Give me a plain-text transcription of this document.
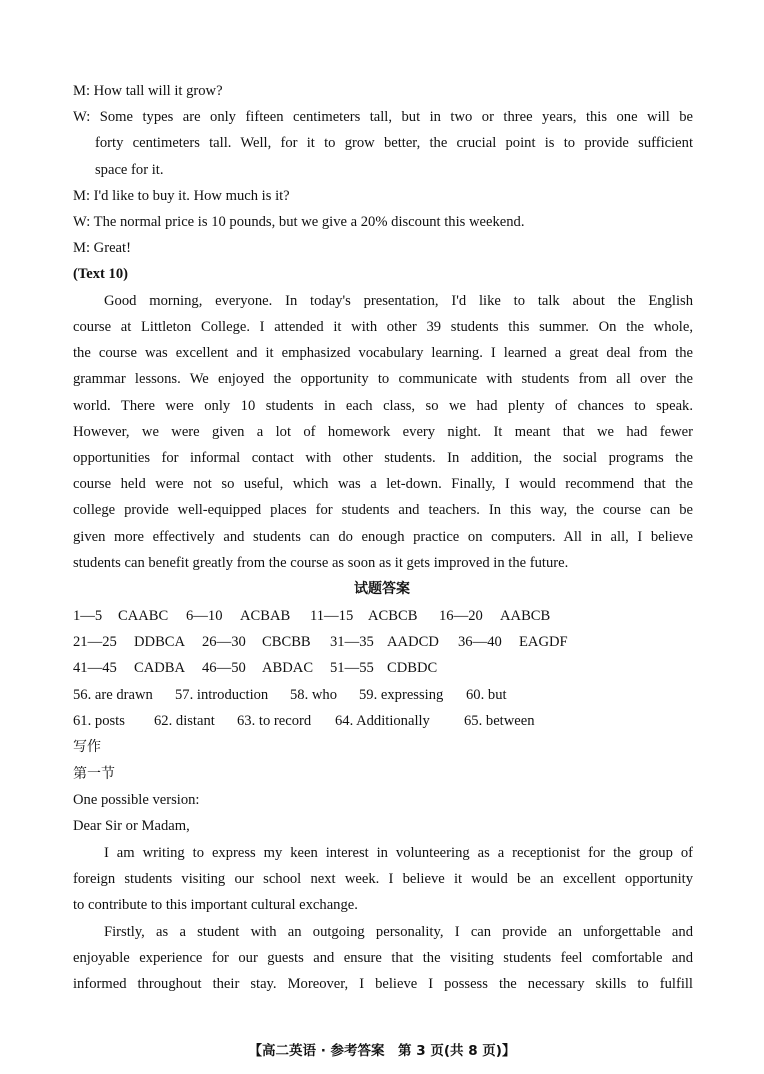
M: How tall will it grow?
W: Some types are only fifteen centimeters tall, but in two or three years, this one will be
forty centimeters tall. Well, for it to grow better, the crucial point is to provide sufficient
space for it.
M: I'd like to buy it. How much is it?
W: The normal price is 10 pounds, but we give a 20% discount this weekend.
M: Great!
(Text 10)
Good morning, everyone. In today's presentation, I'd like to talk about the English
course at Littleton College. I attended it with other 39 students this summer. On the whole,
the course was excellent and it emphasized vocabulary learning. I learned a great deal from the
grammar lessons. We enjoyed the opportunity to communicate with students from all over the
world. There were only 10 students in each class, so we had plenty of chances to speak.
However, we were given a lot of homework every night. It meant that we had fewer
opportunities for informal contact with other students. In addition, the social programs the
course held were not so useful, which was a let-down. Finally, I would recommend that the
college provide well-equipped places for students and teachers. In this way, the course can be
given more effectively and students can do enough practice on computers. All in all, I believe
students can benefit greatly from the course as soon as it gets improved in the future.
试题答案
1—5 CAABC 6—10 ACBAB 11—15 ACBCB 16—20 AABCB
21—25 DDBCA 26—30 CBCBB 31—35 AADCD 36—40 EAGDF
41—45 CADBA 46—50 ABDAC 51—55 CDBDC
56. are drawn 57. introduction 58. who 59. expressing 60. but
61. posts 62. distant 63. to record 64. Additionally 65. between
写作
第一节
One possible version:
Dear Sir or Madam,
I am writing to express my keen interest in volunteering as a receptionist for the group of
foreign students visiting our school next week. I believe it would be an excellent opportunity
to contribute to this important cultural exchange.
Firstly, as a student with an outgoing personality, I can provide an unforgettable and
enjoyable experience for our guests and ensure that the visiting students feel comfortable and
informed throughout their stay. Moreover, I believe I possess the necessary skills to fulfill
【高二英语 · 参考答案　第 3 页(共 8 页)】
